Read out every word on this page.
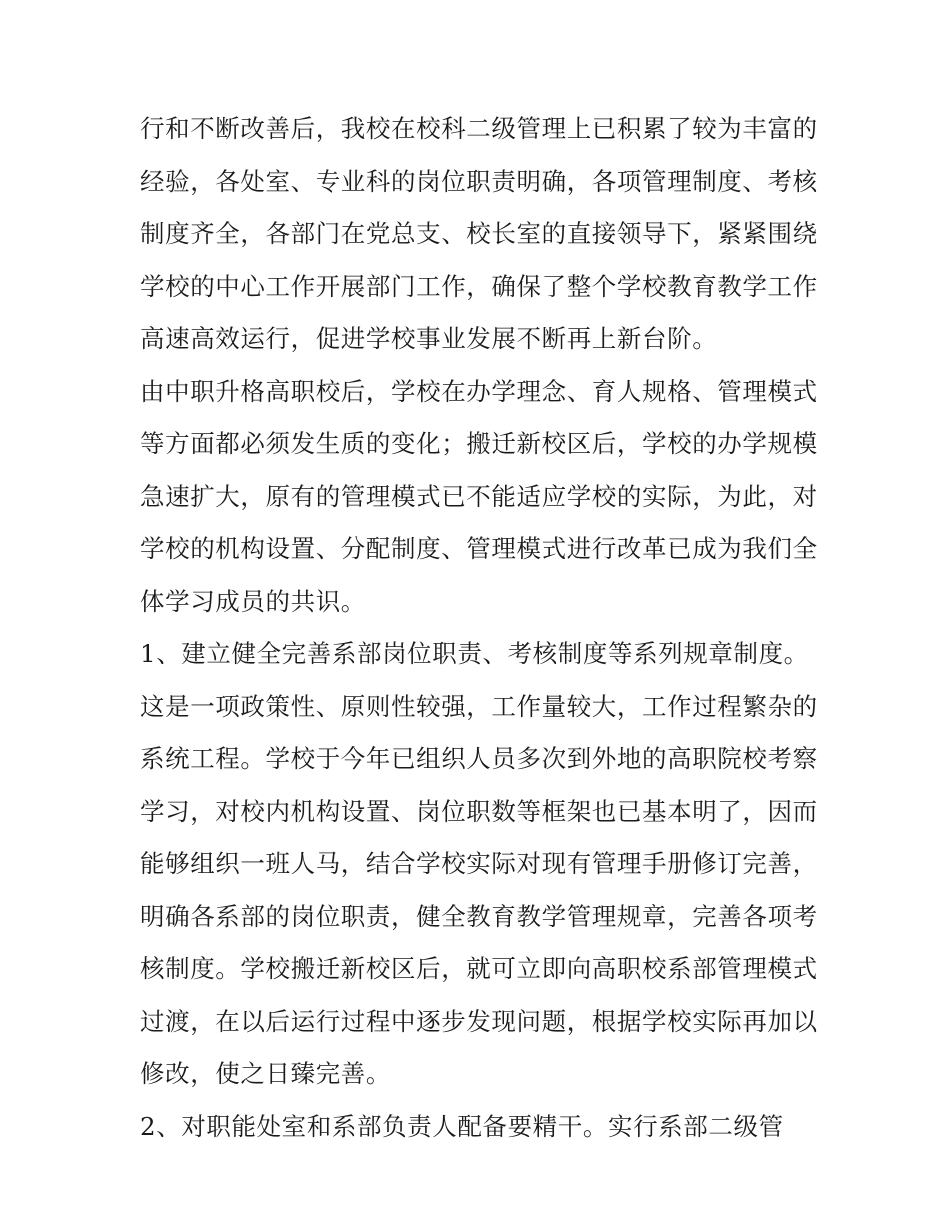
行和不断改善后，我校在校科二级管理上已积累了较为丰富的
经验，各处室、专业科的岗位职责明确，各项管理制度、考核
制度齐全，各部门在党总支、校长室的直接领导下，紧紧围绕
学校的中心工作开展部门工作，确保了整个学校教育教学工作
高速高效运行，促进学校事业发展不断再上新台阶。
由中职升格高职校后，学校在办学理念、育人规格、管理模式
等方面都必须发生质的变化；搬迁新校区后，学校的办学规模
急速扩大，原有的管理模式已不能适应学校的实际，为此，对
学校的机构设置、分配制度、管理模式进行改革已成为我们全
体学习成员的共识。
1、建立健全完善系部岗位职责、考核制度等系列规章制度。
这是一项政策性、原则性较强，工作量较大，工作过程繁杂的
系统工程。学校于今年已组织人员多次到外地的高职院校考察
学习，对校内机构设置、岗位职数等框架也已基本明了，因而
能够组织一班人马，结合学校实际对现有管理手册修订完善，
明确各系部的岗位职责，健全教育教学管理规章，完善各项考
核制度。学校搬迁新校区后，就可立即向高职校系部管理模式
过渡，在以后运行过程中逐步发现问题，根据学校实际再加以
修改，使之日臻完善。
2、对职能处室和系部负责人配备要精干。实行系部二级管
